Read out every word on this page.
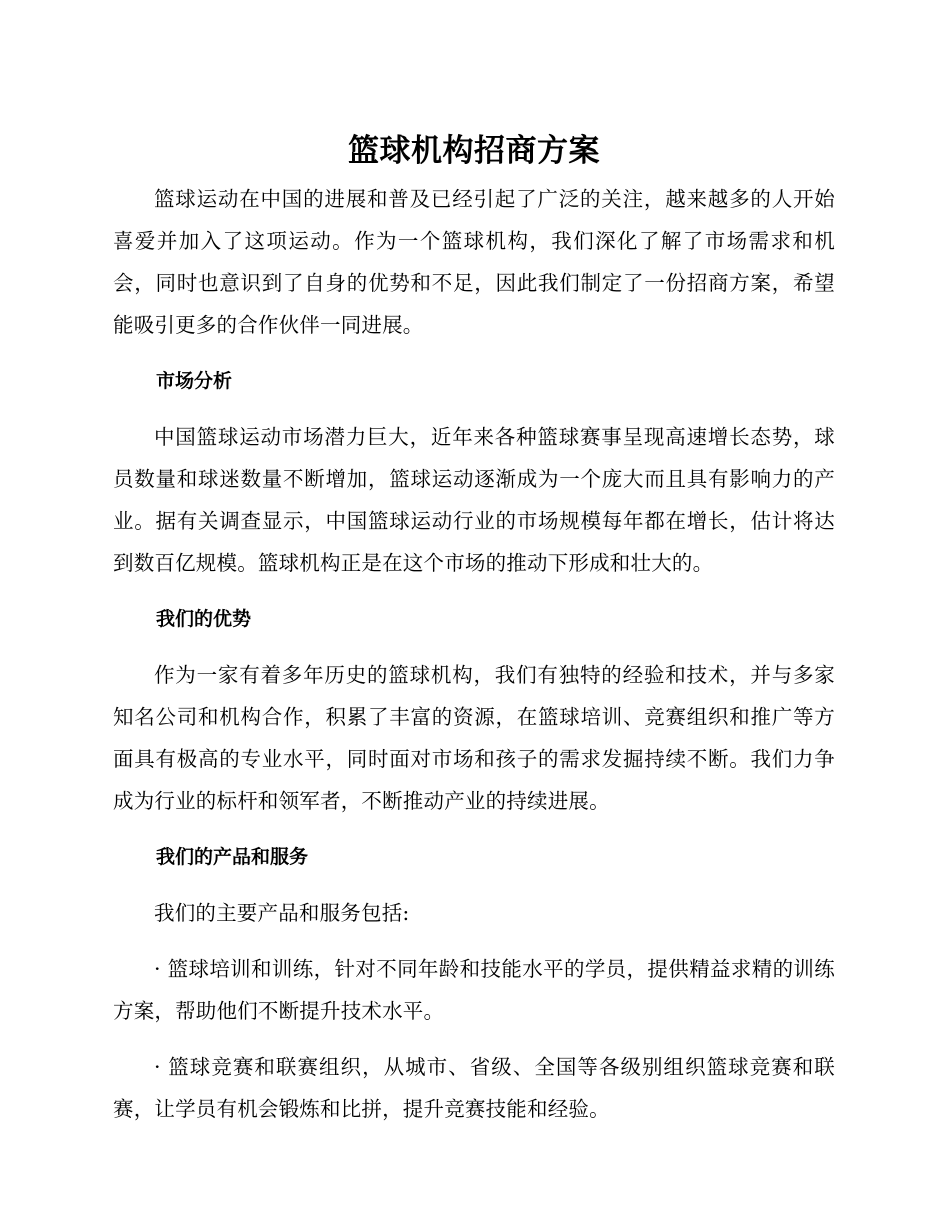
篮球机构招商方案

篮球运动在中国的进展和普及已经引起了广泛的关注，越来越多的人开始喜爱并加入了这项运动。作为一个篮球机构，我们深化了解了市场需求和机会，同时也意识到了自身的优势和不足，因此我们制定了一份招商方案，希望能吸引更多的合作伙伴一同进展。

市场分析

中国篮球运动市场潜力巨大，近年来各种篮球赛事呈现高速增长态势，球员数量和球迷数量不断增加，篮球运动逐渐成为一个庞大而且具有影响力的产业。据有关调查显示，中国篮球运动行业的市场规模每年都在增长，估计将达到数百亿规模。篮球机构正是在这个市场的推动下形成和壮大的。

我们的优势

作为一家有着多年历史的篮球机构，我们有独特的经验和技术，并与多家知名公司和机构合作，积累了丰富的资源，在篮球培训、竞赛组织和推广等方面具有极高的专业水平，同时面对市场和孩子的需求发掘持续不断。我们力争成为行业的标杆和领军者，不断推动产业的持续进展。

我们的产品和服务

我们的主要产品和服务包括:

· 篮球培训和训练，针对不同年龄和技能水平的学员，提供精益求精的训练方案，帮助他们不断提升技术水平。

· 篮球竞赛和联赛组织，从城市、省级、全国等各级别组织篮球竞赛和联赛，让学员有机会锻炼和比拼，提升竞赛技能和经验。
